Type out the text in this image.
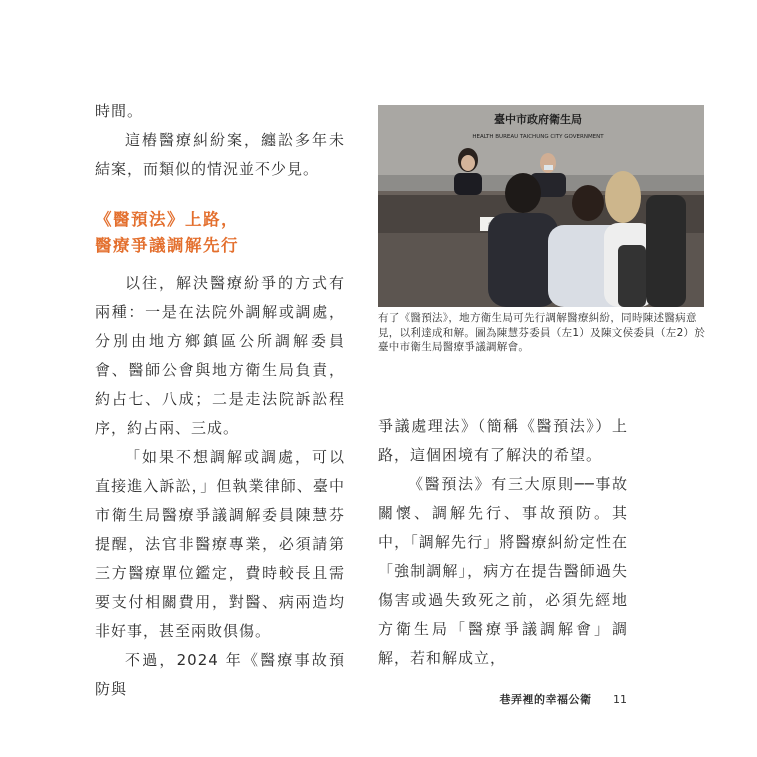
時間。

這樁醫療糾紛案，纏訟多年未結案，而類似的情況並不少見。

《醫預法》上路，
醫療爭議調解先行

以往，解決醫療紛爭的方式有兩種：一是在法院外調解或調處，分別由地方鄉鎮區公所調解委員會、醫師公會與地方衛生局負責，約占七、八成；二是走法院訴訟程序，約占兩、三成。

「如果不想調解或調處，可以直接進入訴訟，」但執業律師、臺中市衛生局醫療爭議調解委員陳慧芬提醒，法官非醫療專業，必須請第三方醫療單位鑑定，費時較長且需要支付相關費用，對醫、病兩造均非好事，甚至兩敗俱傷。

不過，2024 年《醫療事故預防與

臺中市政府衛生局
HEALTH BUREAU TAICHUNG CITY GOVERNMENT
有了《醫預法》，地方衛生局可先行調解醫療糾紛，同時陳述醫病意見，以利達成和解。圖為陳慧芬委員（左1）及陳文侯委員（左2）於臺中市衛生局醫療爭議調解會。

爭議處理法》（簡稱《醫預法》）上路，這個困境有了解決的希望。

《醫預法》有三大原則──事故關懷、調解先行、事故預防。其中，「調解先行」將醫療糾紛定性在「強制調解」，病方在提告醫師過失傷害或過失致死之前，必須先經地方衛生局「醫療爭議調解會」調解，若和解成立，

巷弄裡的幸福公衛 11
